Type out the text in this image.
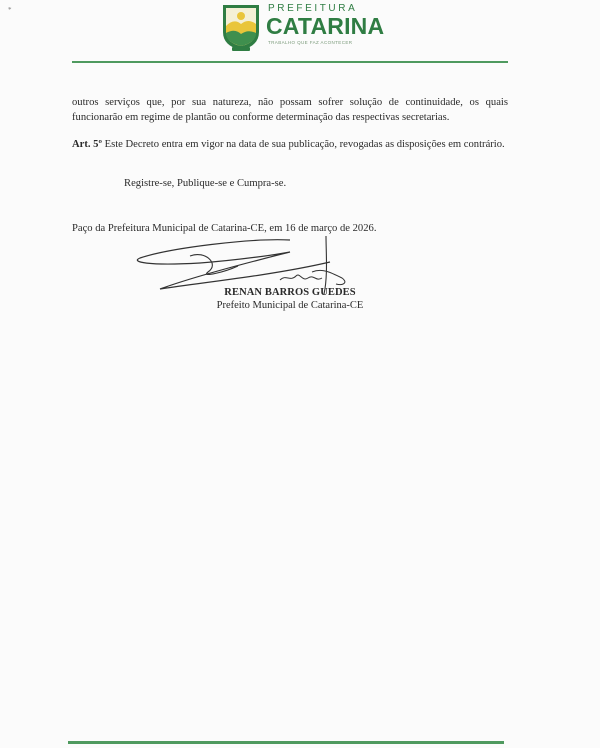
*	PREFEITURA
CATARINA
TRABALHO QUE FAZ ACONTECER

outros serviços que, por sua natureza, não possam sofrer solução de continuidade, os quais funcionarão em regime de plantão ou conforme determinação das respectivas secretarias.

Art. 5º Este Decreto entra em vigor na data de sua publicação, revogadas as disposições em contrário.

Registre-se, Publique-se e Cumpra-se.

Paço da Prefeitura Municipal de Catarina-CE, em 16 de março de 2026.

RENAN BARROS GUEDES

Prefeito Municipal de Catarina-CE
